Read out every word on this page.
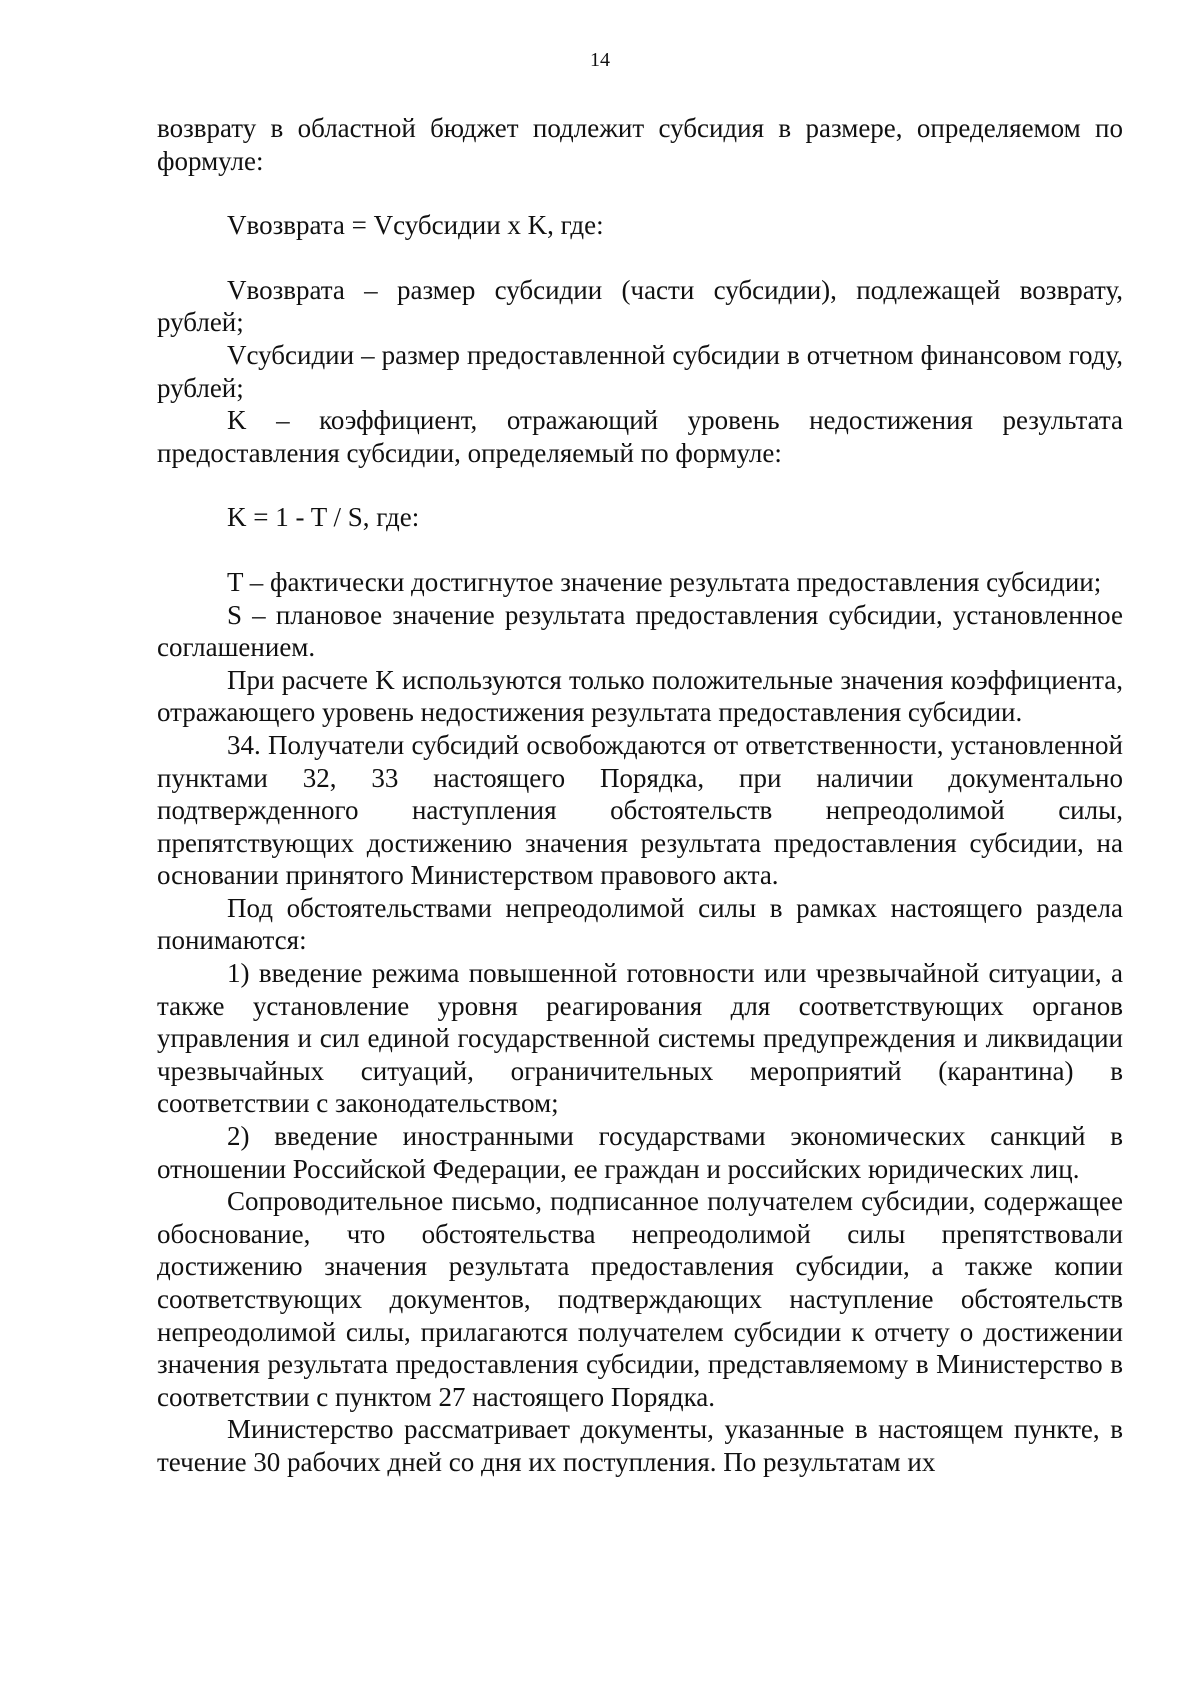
14

возврату в областной бюджет подлежит субсидия в размере, определяемом по формуле:

Vвозврата = Vсубсидии x K, где:

Vвозврата – размер субсидии (части субсидии), подлежащей возврату, рублей;

Vсубсидии – размер предоставленной субсидии в отчетном финансовом году, рублей;

K – коэффициент, отражающий уровень недостижения результата предоставления субсидии, определяемый по формуле:

K = 1 - T / S, где:

T – фактически достигнутое значение результата предоставления субсидии;

S – плановое значение результата предоставления субсидии, установленное соглашением.

При расчете K используются только положительные значения коэффициента, отражающего уровень недостижения результата предоставления субсидии.

34. Получатели субсидий освобождаются от ответственности, установленной пунктами 32, 33 настоящего Порядка, при наличии документально подтвержденного наступления обстоятельств непреодолимой силы, препятствующих достижению значения результата предоставления субсидии, на основании принятого Министерством правового акта.

Под обстоятельствами непреодолимой силы в рамках настоящего раздела понимаются:

1) введение режима повышенной готовности или чрезвычайной ситуации, а также установление уровня реагирования для соответствующих органов управления и сил единой государственной системы предупреждения и ликвидации чрезвычайных ситуаций, ограничительных мероприятий (карантина) в соответствии с законодательством;

2) введение иностранными государствами экономических санкций в отношении Российской Федерации, ее граждан и российских юридических лиц.

Сопроводительное письмо, подписанное получателем субсидии, содержащее обоснование, что обстоятельства непреодолимой силы препятствовали достижению значения результата предоставления субсидии, а также копии соответствующих документов, подтверждающих наступление обстоятельств непреодолимой силы, прилагаются получателем субсидии к отчету о достижении значения результата предоставления субсидии, представляемому в Министерство в соответствии с пунктом 27 настоящего Порядка.

Министерство рассматривает документы, указанные в настоящем пункте, в течение 30 рабочих дней со дня их поступления. По результатам их
